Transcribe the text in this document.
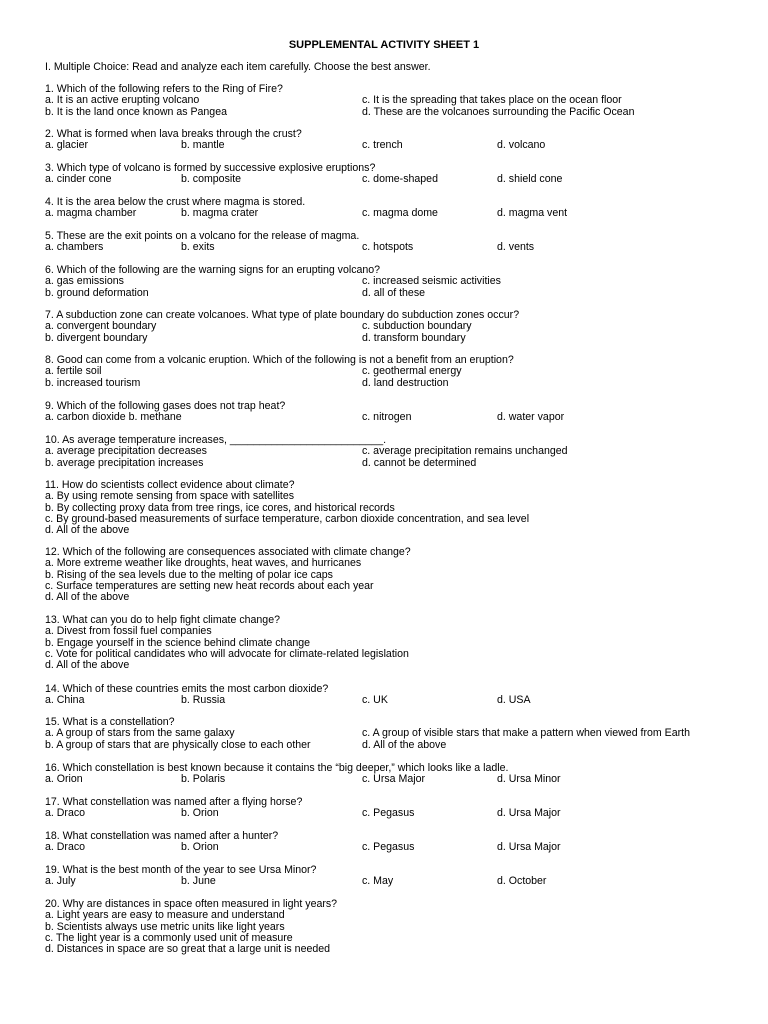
SUPPLEMENTAL ACTIVITY SHEET 1
I. Multiple Choice: Read and analyze each item carefully. Choose the best answer.
1. Which of the following refers to the Ring of Fire?
a. It is an active erupting volcano	c. It is the spreading that takes place on the ocean floor
b. It is the land once known as Pangea	d. These are the volcanoes surrounding the Pacific Ocean
2. What is formed when lava breaks through the crust?
a. glacier	b. mantle	c. trench	d. volcano
3. Which type of volcano is formed by successive explosive eruptions?
a. cinder cone	b. composite	c. dome-shaped	d. shield cone
4. It is the area below the crust where magma is stored.
a. magma chamber	b. magma crater	c. magma dome	d. magma vent
5. These are the exit points on a volcano for the release of magma.
a. chambers	b. exits	c. hotspots	d. vents
6. Which of the following are the warning signs for an erupting volcano?
a. gas emissions	c. increased seismic activities
b. ground deformation	d. all of these
7. A subduction zone can create volcanoes. What type of plate boundary do subduction zones occur?
a. convergent boundary	c. subduction boundary
b. divergent boundary	d. transform boundary
8. Good can come from a volcanic eruption. Which of the following is not a benefit from an eruption?
a. fertile soil	c. geothermal energy
b. increased tourism	d. land destruction
9. Which of the following gases does not trap heat?
a. carbon dioxide b. methane	c. nitrogen	d. water vapor
10. As average temperature increases, __________________________.
a. average precipitation decreases	c. average precipitation remains unchanged
b. average precipitation increases	d. cannot be determined
11. How do scientists collect evidence about climate?
a. By using remote sensing from space with satellites
b. By collecting proxy data from tree rings, ice cores, and historical records
c. By ground-based measurements of surface temperature, carbon dioxide concentration, and sea level
d. All of the above
12. Which of the following are consequences associated with climate change?
a. More extreme weather like droughts, heat waves, and hurricanes
b. Rising of the sea levels due to the melting of polar ice caps
c. Surface temperatures are setting new heat records about each year
d. All of the above
13. What can you do to help fight climate change?
a. Divest from fossil fuel companies
b. Engage yourself in the science behind climate change
c. Vote for political candidates who will advocate for climate-related legislation
d. All of the above
14. Which of these countries emits the most carbon dioxide?
a. China	b. Russia	c. UK	d. USA
15. What is a constellation?
a. A group of stars from the same galaxy	c. A group of visible stars that make a pattern when viewed from Earth
b. A group of stars that are physically close to each other	d. All of the above
16. Which constellation is best known because it contains the “big deeper,” which looks like a ladle.
a. Orion	b. Polaris	c. Ursa Major	d. Ursa Minor
17. What constellation was named after a flying horse?
a. Draco	b. Orion	c. Pegasus	d. Ursa Major
18. What constellation was named after a hunter?
a. Draco	b. Orion	c. Pegasus	d. Ursa Major
19. What is the best month of the year to see Ursa Minor?
a. July	b. June	c. May	d. October
20. Why are distances in space often measured in light years?
a. Light years are easy to measure and understand
b. Scientists always use metric units like light years
c. The light year is a commonly used unit of measure
d. Distances in space are so great that a large unit is needed
